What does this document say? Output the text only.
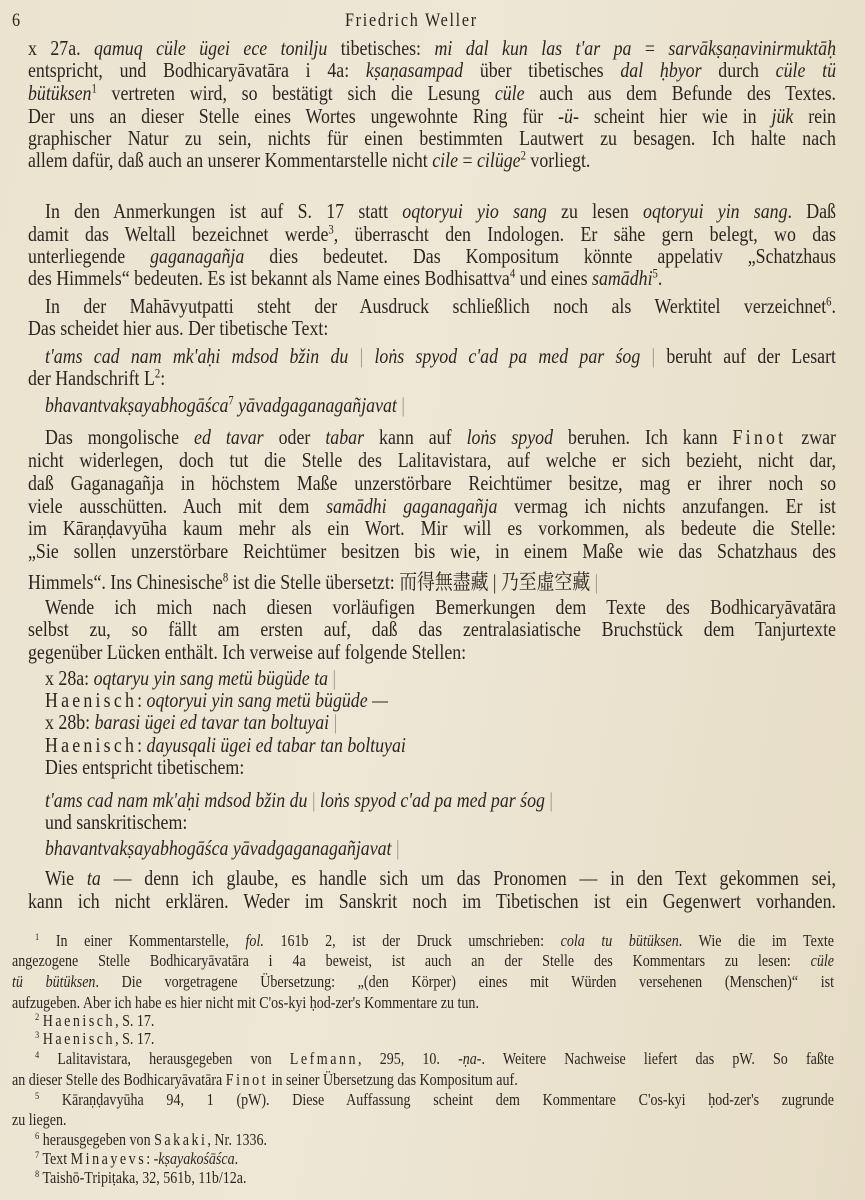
6	Friedrich Weller
x 27a. qamuq cüle ügei ece tonilju tibetisches: mi dal kun las t'ar pa = sarvākṣaṇavinirmuktāḥ
entspricht, und Bodhicaryāvatāra i 4a: kṣaṇasampad über tibetisches dal ḥbyor durch cüle tü
bütüksen$^1$ vertreten wird, so bestätigt sich die Lesung cüle auch aus dem Befunde des Textes.
Der uns an dieser Stelle eines Wortes ungewohnte Ring für -ü- scheint hier wie in jük rein
graphischer Natur zu sein, nichts für einen bestimmten Lautwert zu besagen. Ich halte nach
allem dafür, daß auch an unserer Kommentarstelle nicht cile = cilüge$^2$ vorliegt.
In den Anmerkungen ist auf S. 17 statt oqtoryui yio sang zu lesen oqtoryui yin sang. Daß
damit das Weltall bezeichnet werde$^3$, überrascht den Indologen. Er sähe gern belegt, wo das
unterliegende gaganagañja dies bedeutet. Das Kompositum könnte appelativ „Schatzhaus
des Himmels“ bedeuten. Es ist bekannt als Name eines Bodhisattva$^4$ und eines samādhi$^5$.
In der Mahāvyutpatti steht der Ausdruck schließlich noch als Werktitel verzeichnet$^6$.
Das scheidet hier aus. Der tibetische Text:
t'ams cad nam mk'aḥi mdsod bžin du | loṅs spyod c'ad pa med par śog | beruht auf der Lesart
der Handschrift $L^2$:
bhavantvakṣayabhogāśca$^7$ yāvadgaganagañjavat |
Das mongolische ed tavar oder tabar kann auf loṅs spyod beruhen. Ich kann Finot zwar
nicht widerlegen, doch tut die Stelle des Lalitavistara, auf welche er sich bezieht, nicht dar,
daß Gaganagañja in höchstem Maße unzerstörbare Reichtümer besitze, mag er ihrer noch so
viele ausschütten. Auch mit dem samādhi gaganagañja vermag ich nichts anzufangen. Er ist
im Kāraṇḍavyūha kaum mehr als ein Wort. Mir will es vorkommen, als bedeute die Stelle:
„Sie sollen unzerstörbare Reichtümer besitzen bis wie, in einem Maße wie das Schatzhaus des
Himmels“. Ins Chinesische$^8$ ist die Stelle übersetzt: 而得無盡藏 | 乃至虛空藏 |
Wende ich mich nach diesen vorläufigen Bemerkungen dem Texte des Bodhicaryāvatāra
selbst zu, so fällt am ersten auf, daß das zentralasiatische Bruchstück dem Tanjurtexte
gegenüber Lücken enthält. Ich verweise auf folgende Stellen:
x 28a: oqtaryu yin sang metü bügüde ta |
Haenisch: oqtoryui yin sang metü bügüde —
x 28b: barasi ügei ed tavar tan boltuyai |
Haenisch: dayusqali ügei ed tabar tan boltuyai
Dies entspricht tibetischem:
t'ams cad nam mk'aḥi mdsod bžin du | loṅs spyod c'ad pa med par śog |
und sanskritischem:
bhavantvakṣayabhogāśca yāvadgaganagañjavat |
Wie ta — denn ich glaube, es handle sich um das Pronomen — in den Text gekommen sei,
kann ich nicht erklären. Weder im Sanskrit noch im Tibetischen ist ein Gegenwert vorhanden.
$^1$ In einer Kommentarstelle, fol. 161b 2, ist der Druck umschrieben: cola tu bütüksen. Wie die im Texte
angezogene Stelle Bodhicaryāvatāra i 4a beweist, ist auch an der Stelle des Kommentars zu lesen: cüle
tü bütüksen. Die vorgetragene Übersetzung: „(den Körper) eines mit Würden versehenen (Menschen)“ ist
aufzugeben. Aber ich habe es hier nicht mit C'os-kyi ḥod-zer's Kommentare zu tun.
$^2$ Haenisch, S. 17.
$^3$ Haenisch, S. 17.
$^4$ Lalitavistara, herausgegeben von Lefmann, 295, 10. -ṇa-. Weitere Nachweise liefert das pW. So faßte
an dieser Stelle des Bodhicaryāvatāra Finot in seiner Übersetzung das Kompositum auf.
$^5$ Kāraṇḍavyūha 94, 1 (pW). Diese Auffassung scheint dem Kommentare C'os-kyi ḥod-zer's zugrunde
zu liegen.
$^6$ herausgegeben von Sakaki, Nr. 1336.
$^7$ Text Minayevs: -kṣayakośāśca.
$^8$ Taishō-Tripiṭaka, 32, 561b, 11b/12a.
